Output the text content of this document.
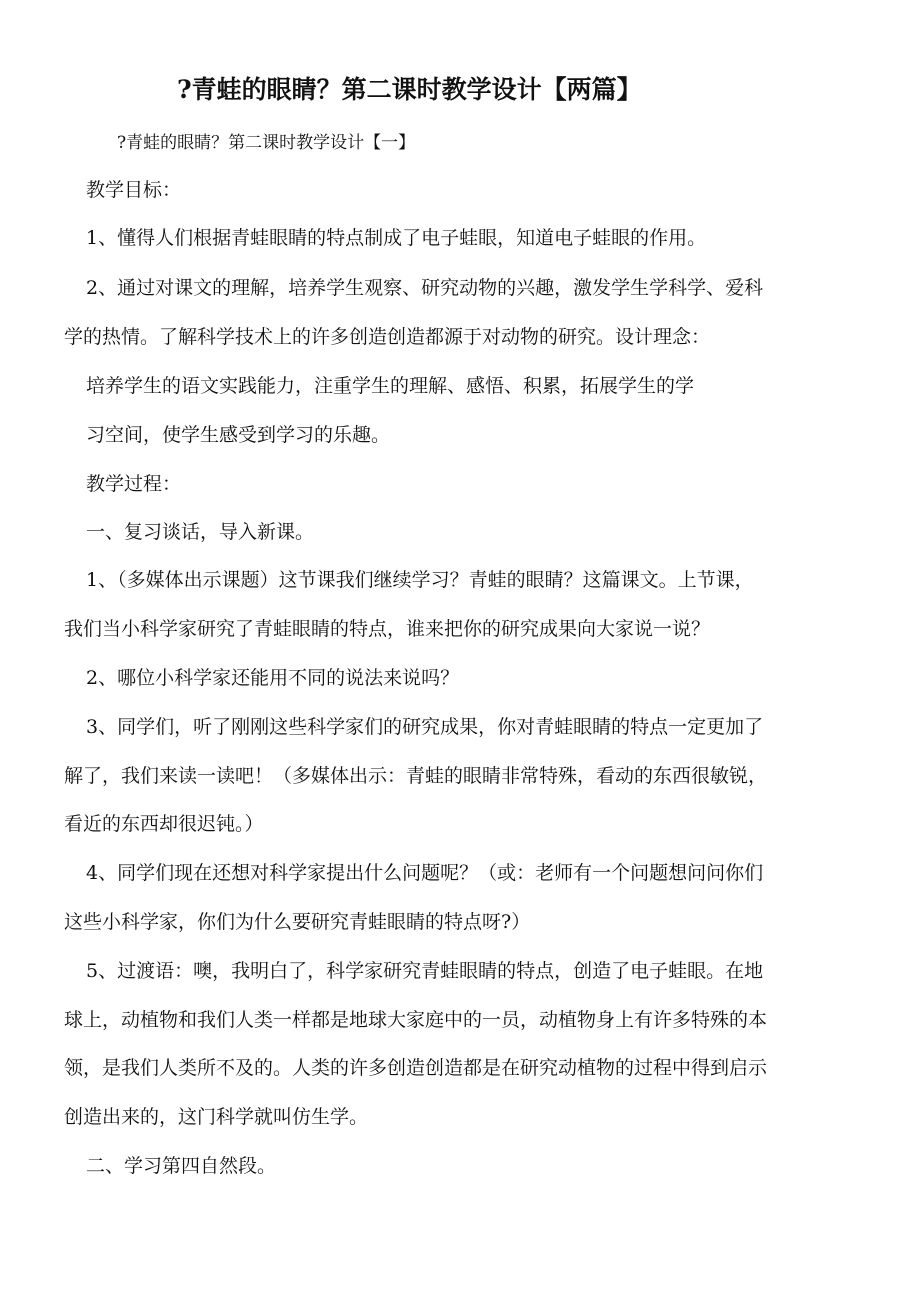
?青蛙的眼睛？第二课时教学设计【两篇】
?青蛙的眼睛？第二课时教学设计【一】
教学目标：
1、懂得人们根据青蛙眼睛的特点制成了电子蛙眼，知道电子蛙眼的作用。
2、通过对课文的理解，培养学生观察、研究动物的兴趣，激发学生学科学、爱科
学的热情。了解科学技术上的许多创造创造都源于对动物的研究。设计理念：
培养学生的语文实践能力，注重学生的理解、感悟、积累，拓展学生的学
习空间，使学生感受到学习的乐趣。
教学过程：
一、复习谈话，导入新课。
1、（多媒体出示课题）这节课我们继续学习？青蛙的眼睛？这篇课文。上节课，
我们当小科学家研究了青蛙眼睛的特点，谁来把你的研究成果向大家说一说？
2、哪位小科学家还能用不同的说法来说吗？
3、同学们，听了刚刚这些科学家们的研究成果，你对青蛙眼睛的特点一定更加了
解了，我们来读一读吧！（多媒体出示：青蛙的眼睛非常特殊，看动的东西很敏锐，
看近的东西却很迟钝。）
4、同学们现在还想对科学家提出什么问题呢？（或：老师有一个问题想问问你们
这些小科学家，你们为什么要研究青蛙眼睛的特点呀?）
5、过渡语：噢，我明白了，科学家研究青蛙眼睛的特点，创造了电子蛙眼。在地
球上，动植物和我们人类一样都是地球大家庭中的一员，动植物身上有许多特殊的本
领，是我们人类所不及的。人类的许多创造创造都是在研究动植物的过程中得到启示
创造出来的，这门科学就叫仿生学。
二、学习第四自然段。
